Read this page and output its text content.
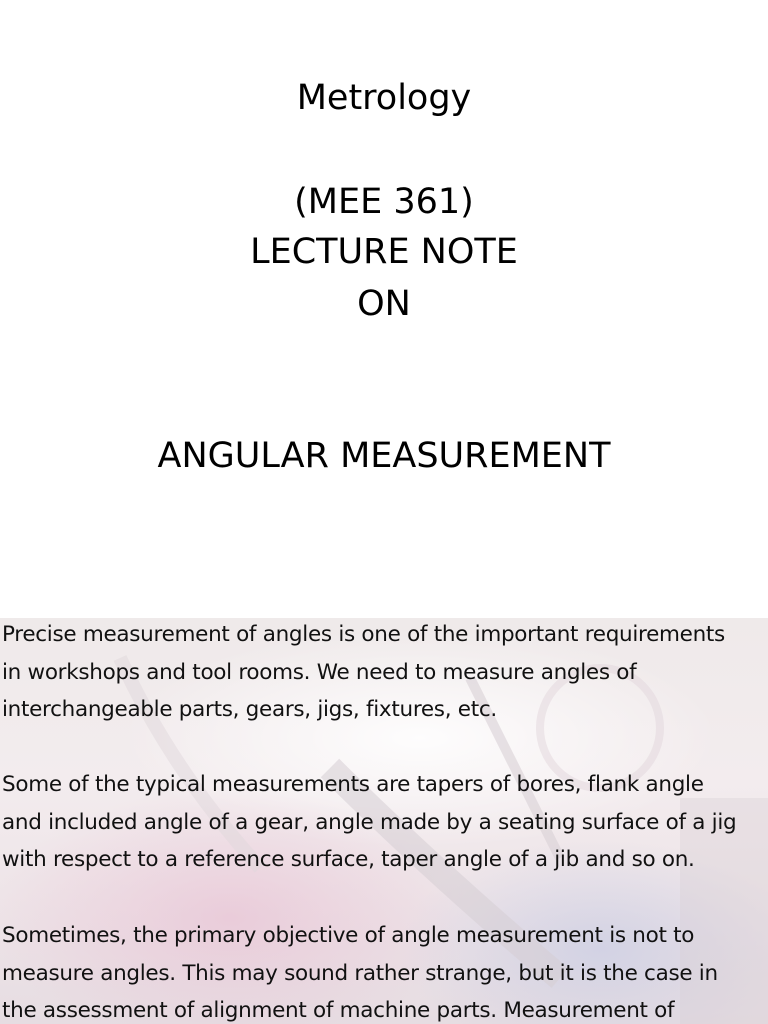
Metrology
(MEE 361)
LECTURE NOTE
ON
ANGULAR MEASUREMENT

Precise measurement of angles is one of the important requirements
in workshops and tool rooms. We need to measure angles of
interchangeable parts, gears, jigs, fixtures, etc.

Some of the typical measurements are tapers of bores, flank angle
and included angle of a gear, angle made by a seating surface of a jig
with respect to a reference surface, taper angle of a jib and so on.

Sometimes, the primary objective of angle measurement is not to
measure angles. This may sound rather strange, but it is the case in
the assessment of alignment of machine parts. Measurement of
